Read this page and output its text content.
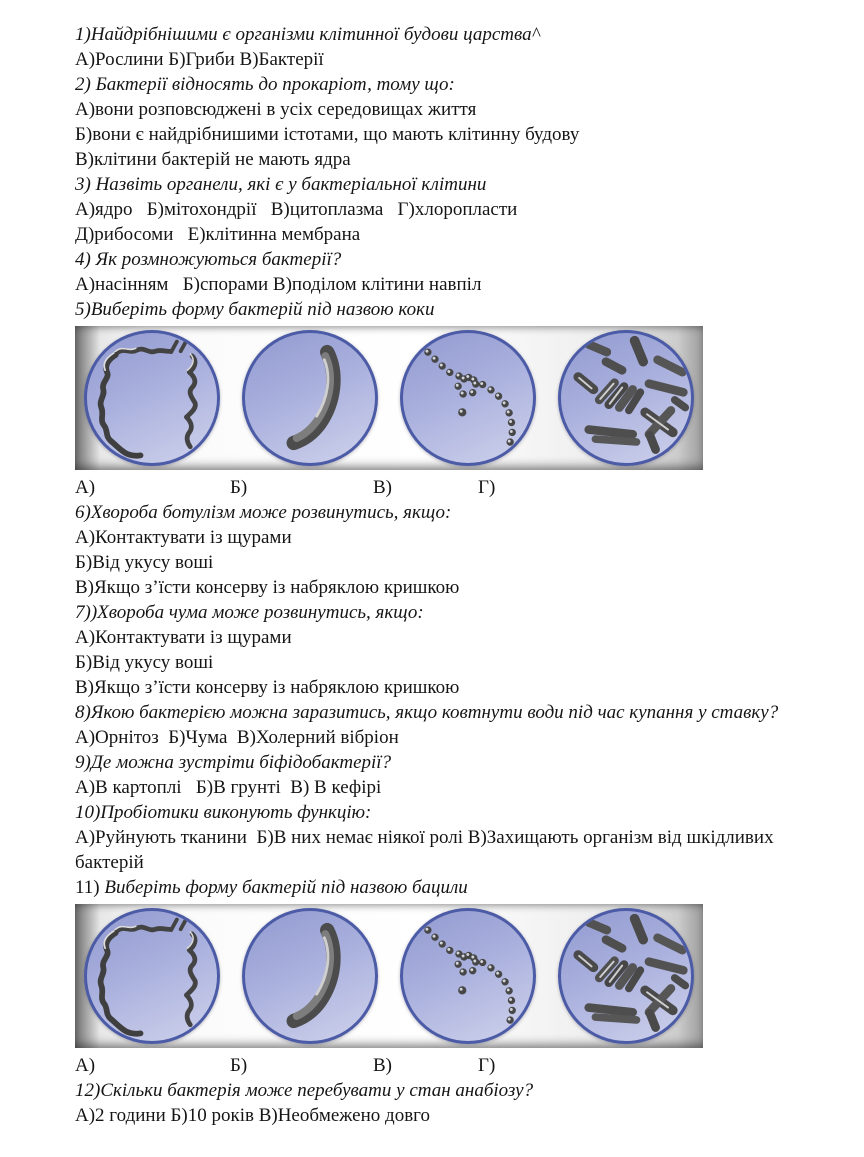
1)Найдрібнішими є організми клітинної будови царства^
А)Рослини Б)Гриби В)Бактерії
2) Бактерії відносять до прокаріот, тому що:
А)вони розповсюджені в усіх середовищах життя
Б)вони є найдрібнишими істотами, що мають клітинну будову
В)клітини бактерій не мають ядра
3) Назвіть органели, які є у бактеріальної клітини
А)ядро   Б)мітохондрії   В)цитоплазма   Г)хлоропласти
Д)рибосоми   Е)клітинна мембрана
4) Як розмножуються бактерії?
А)насінням   Б)спорами В)поділом клітини навпіл
5)Виберіть форму бактерій під назвою коки
А)	Б)	В)	Г)
6)Хвороба ботулізм може розвинутись, якщо:
А)Контактувати із щурами
Б)Від укусу воші
В)Якщо з’їсти консерву із набряклою кришкою
7))Хвороба чума може розвинутись, якщо:
А)Контактувати із щурами
Б)Від укусу воші
В)Якщо з’їсти консерву із набряклою кришкою
8)Якою бактерією можна заразитись, якщо ковтнути води під час купання у ставку?
А)Орнітоз  Б)Чума  В)Холерний вібріон
9)Де можна зустріти біфідобактерії?
А)В картоплі   Б)В грунті  В) В кефірі
10)Пробіотики виконують функцію:
А)Руйнують тканини  Б)В них немає ніякої ролі В)Захищають організм від шкідливих бактерій
11) Виберіть форму бактерій під назвою бацили
А)	Б)	В)	Г)
12)Скільки бактерія може перебувати у стан анабіозу?
А)2 години Б)10 років В)Необмежено довго
